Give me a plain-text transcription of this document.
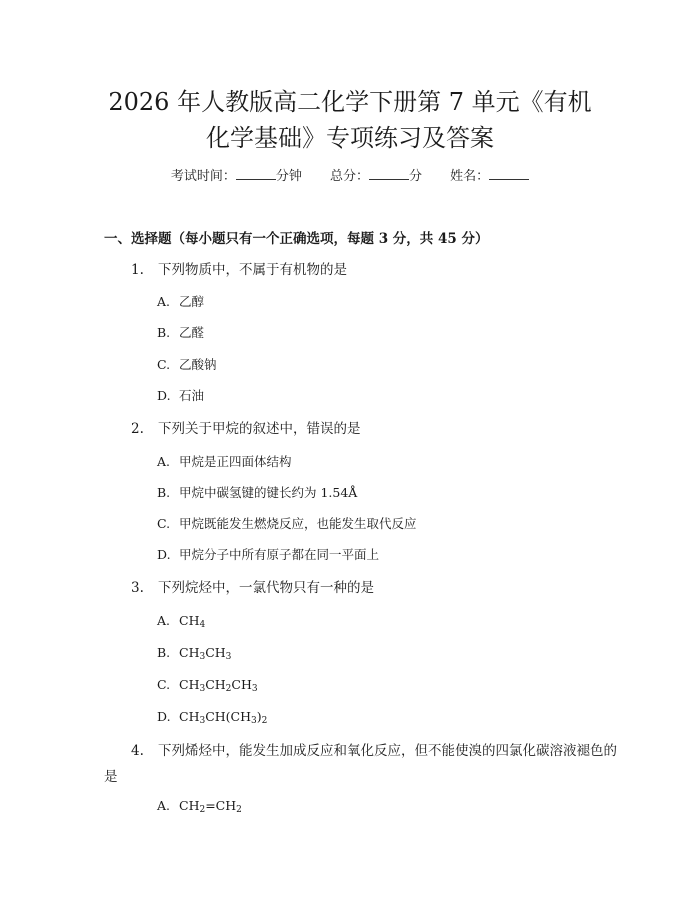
2026 年人教版高二化学下册第 7 单元《有机
化学基础》专项练习及答案
考试时间：	分钟 总分：	分 姓名：
一、选择题（每小题只有一个正确选项，每题 3 分，共 45 分）
1. 下列物质中，不属于有机物的是
A. 乙醇
B. 乙醛
C. 乙酸钠
D. 石油
2. 下列关于甲烷的叙述中，错误的是
A. 甲烷是正四面体结构
B. 甲烷中碳氢键的键长约为 1.54Å
C. 甲烷既能发生燃烧反应，也能发生取代反应
D. 甲烷分子中所有原子都在同一平面上
3. 下列烷烃中，一氯代物只有一种的是
A. $CH_4$
B. $CH_3CH_3$
C. $CH_3CH_2CH_3$
D. $CH_3CH(CH_3)_2$
4. 下列烯烃中，能发生加成反应和氧化反应，但不能使溴的四氯化碳溶液褪色的是
A. $CH_2=CH_2$
